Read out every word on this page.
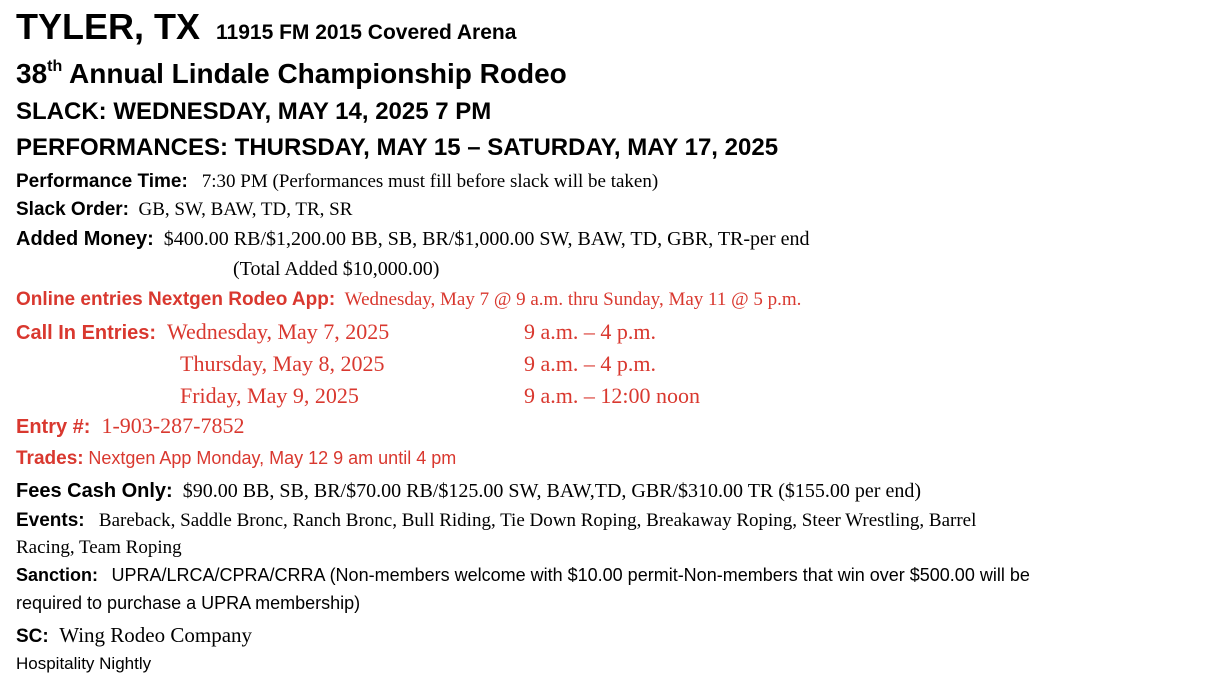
TYLER, TX 11915 FM 2015 Covered Arena
38th Annual Lindale Championship Rodeo
SLACK: WEDNESDAY, MAY 14, 2025 7 PM
PERFORMANCES: THURSDAY, MAY 15 – SATURDAY, MAY 17, 2025
Performance Time: 7:30 PM (Performances must fill before slack will be taken)
Slack Order: GB, SW, BAW, TD, TR, SR
Added Money: $400.00 RB/$1,200.00 BB, SB, BR/$1,000.00 SW, BAW, TD, GBR, TR-per end
(Total Added $10,000.00)
Online entries Nextgen Rodeo App: Wednesday, May 7 @ 9 a.m. thru Sunday, May 11 @ 5 p.m.
Call In Entries: Wednesday, May 7, 2025	9 a.m. – 4 p.m.
Thursday, May 8, 2025	9 a.m. – 4 p.m.
Friday, May 9, 2025	9 a.m. – 12:00 noon
Entry #: 1-903-287-7852
Trades: Nextgen App Monday, May 12 9 am until 4 pm
Fees Cash Only: $90.00 BB, SB, BR/$70.00 RB/$125.00 SW, BAW,TD, GBR/$310.00 TR ($155.00 per end)
Events: Bareback, Saddle Bronc, Ranch Bronc, Bull Riding, Tie Down Roping, Breakaway Roping, Steer Wrestling, Barrel
Racing, Team Roping
Sanction: UPRA/LRCA/CPRA/CRRA (Non-members welcome with $10.00 permit-Non-members that win over $500.00 will be
required to purchase a UPRA membership)
SC: Wing Rodeo Company
Hospitality Nightly
